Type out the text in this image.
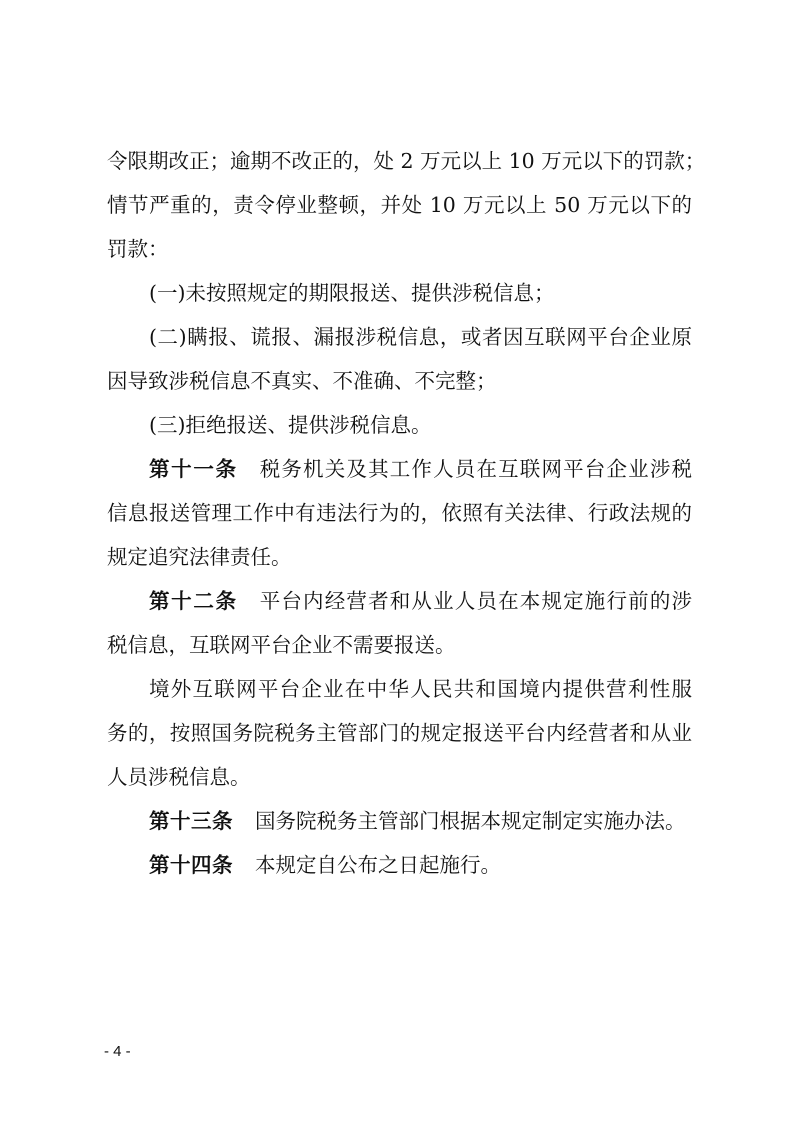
令限期改正；逾期不改正的，处 2 万元以上 10 万元以下的罚款；
情节严重的，责令停业整顿，并处 10 万元以上 50 万元以下的
罚款：
(一)未按照规定的期限报送、提供涉税信息；
(二)瞒报、谎报、漏报涉税信息，或者因互联网平台企业原
因导致涉税信息不真实、不准确、不完整；
(三)拒绝报送、提供涉税信息。
第十一条 税务机关及其工作人员在互联网平台企业涉税
信息报送管理工作中有违法行为的，依照有关法律、行政法规的
规定追究法律责任。
第十二条 平台内经营者和从业人员在本规定施行前的涉
税信息，互联网平台企业不需要报送。
境外互联网平台企业在中华人民共和国境内提供营利性服
务的，按照国务院税务主管部门的规定报送平台内经营者和从业
人员涉税信息。
第十三条 国务院税务主管部门根据本规定制定实施办法。
第十四条 本规定自公布之日起施行。
- 4 -
